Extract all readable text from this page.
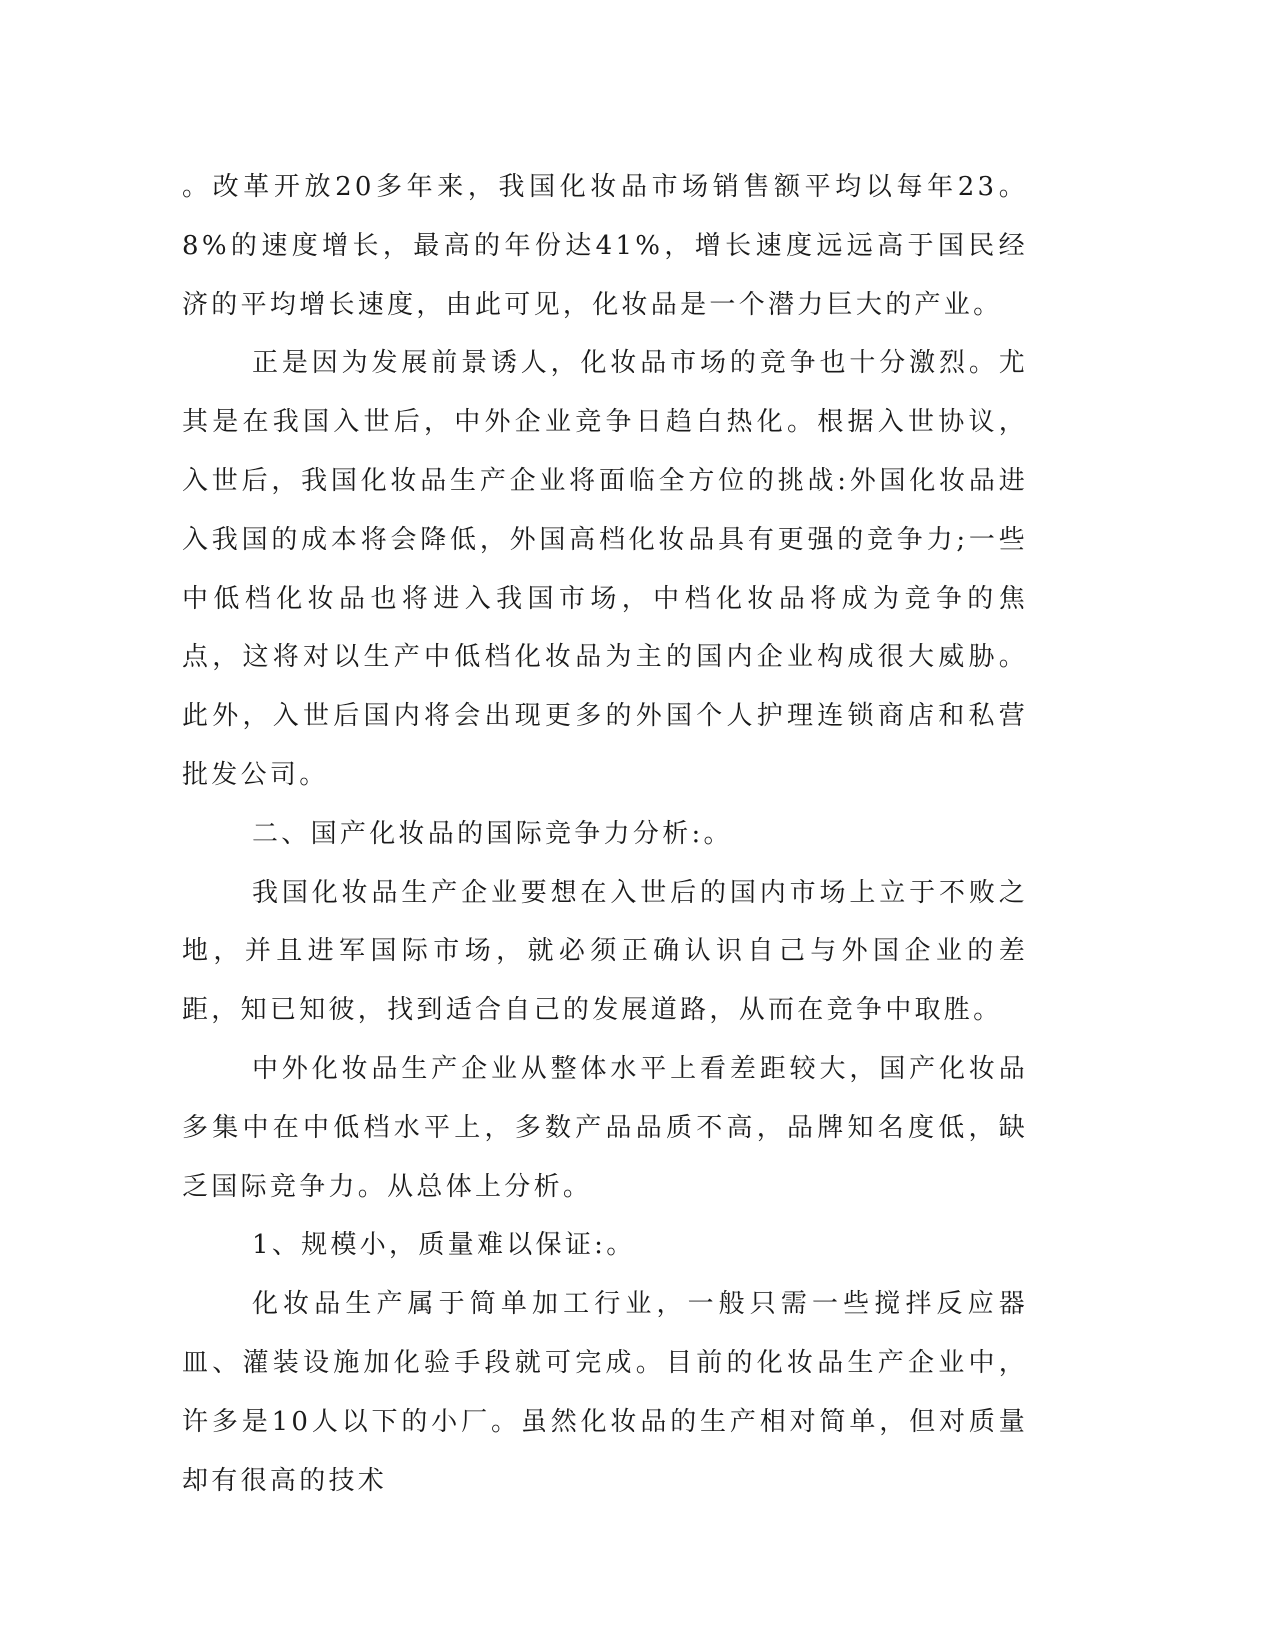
。改革开放20多年来，我国化妆品市场销售额平均以每年23。8%的速度增长，最高的年份达41%，增长速度远远高于国民经济的平均增长速度，由此可见，化妆品是一个潜力巨大的产业。

正是因为发展前景诱人，化妆品市场的竞争也十分激烈。尤其是在我国入世后，中外企业竞争日趋白热化。根据入世协议，入世后，我国化妆品生产企业将面临全方位的挑战:外国化妆品进入我国的成本将会降低，外国高档化妆品具有更强的竞争力;一些中低档化妆品也将进入我国市场，中档化妆品将成为竞争的焦点，这将对以生产中低档化妆品为主的国内企业构成很大威胁。此外，入世后国内将会出现更多的外国个人护理连锁商店和私营批发公司。

二、国产化妆品的国际竞争力分析:。

我国化妆品生产企业要想在入世后的国内市场上立于不败之地，并且进军国际市场，就必须正确认识自己与外国企业的差距，知已知彼，找到适合自己的发展道路，从而在竞争中取胜。

中外化妆品生产企业从整体水平上看差距较大，国产化妆品多集中在中低档水平上，多数产品品质不高，品牌知名度低，缺乏国际竞争力。从总体上分析。

1、规模小，质量难以保证:。

化妆品生产属于简单加工行业，一般只需一些搅拌反应器皿、灌装设施加化验手段就可完成。目前的化妆品生产企业中，许多是10人以下的小厂。虽然化妆品的生产相对简单，但对质量却有很高的技术
